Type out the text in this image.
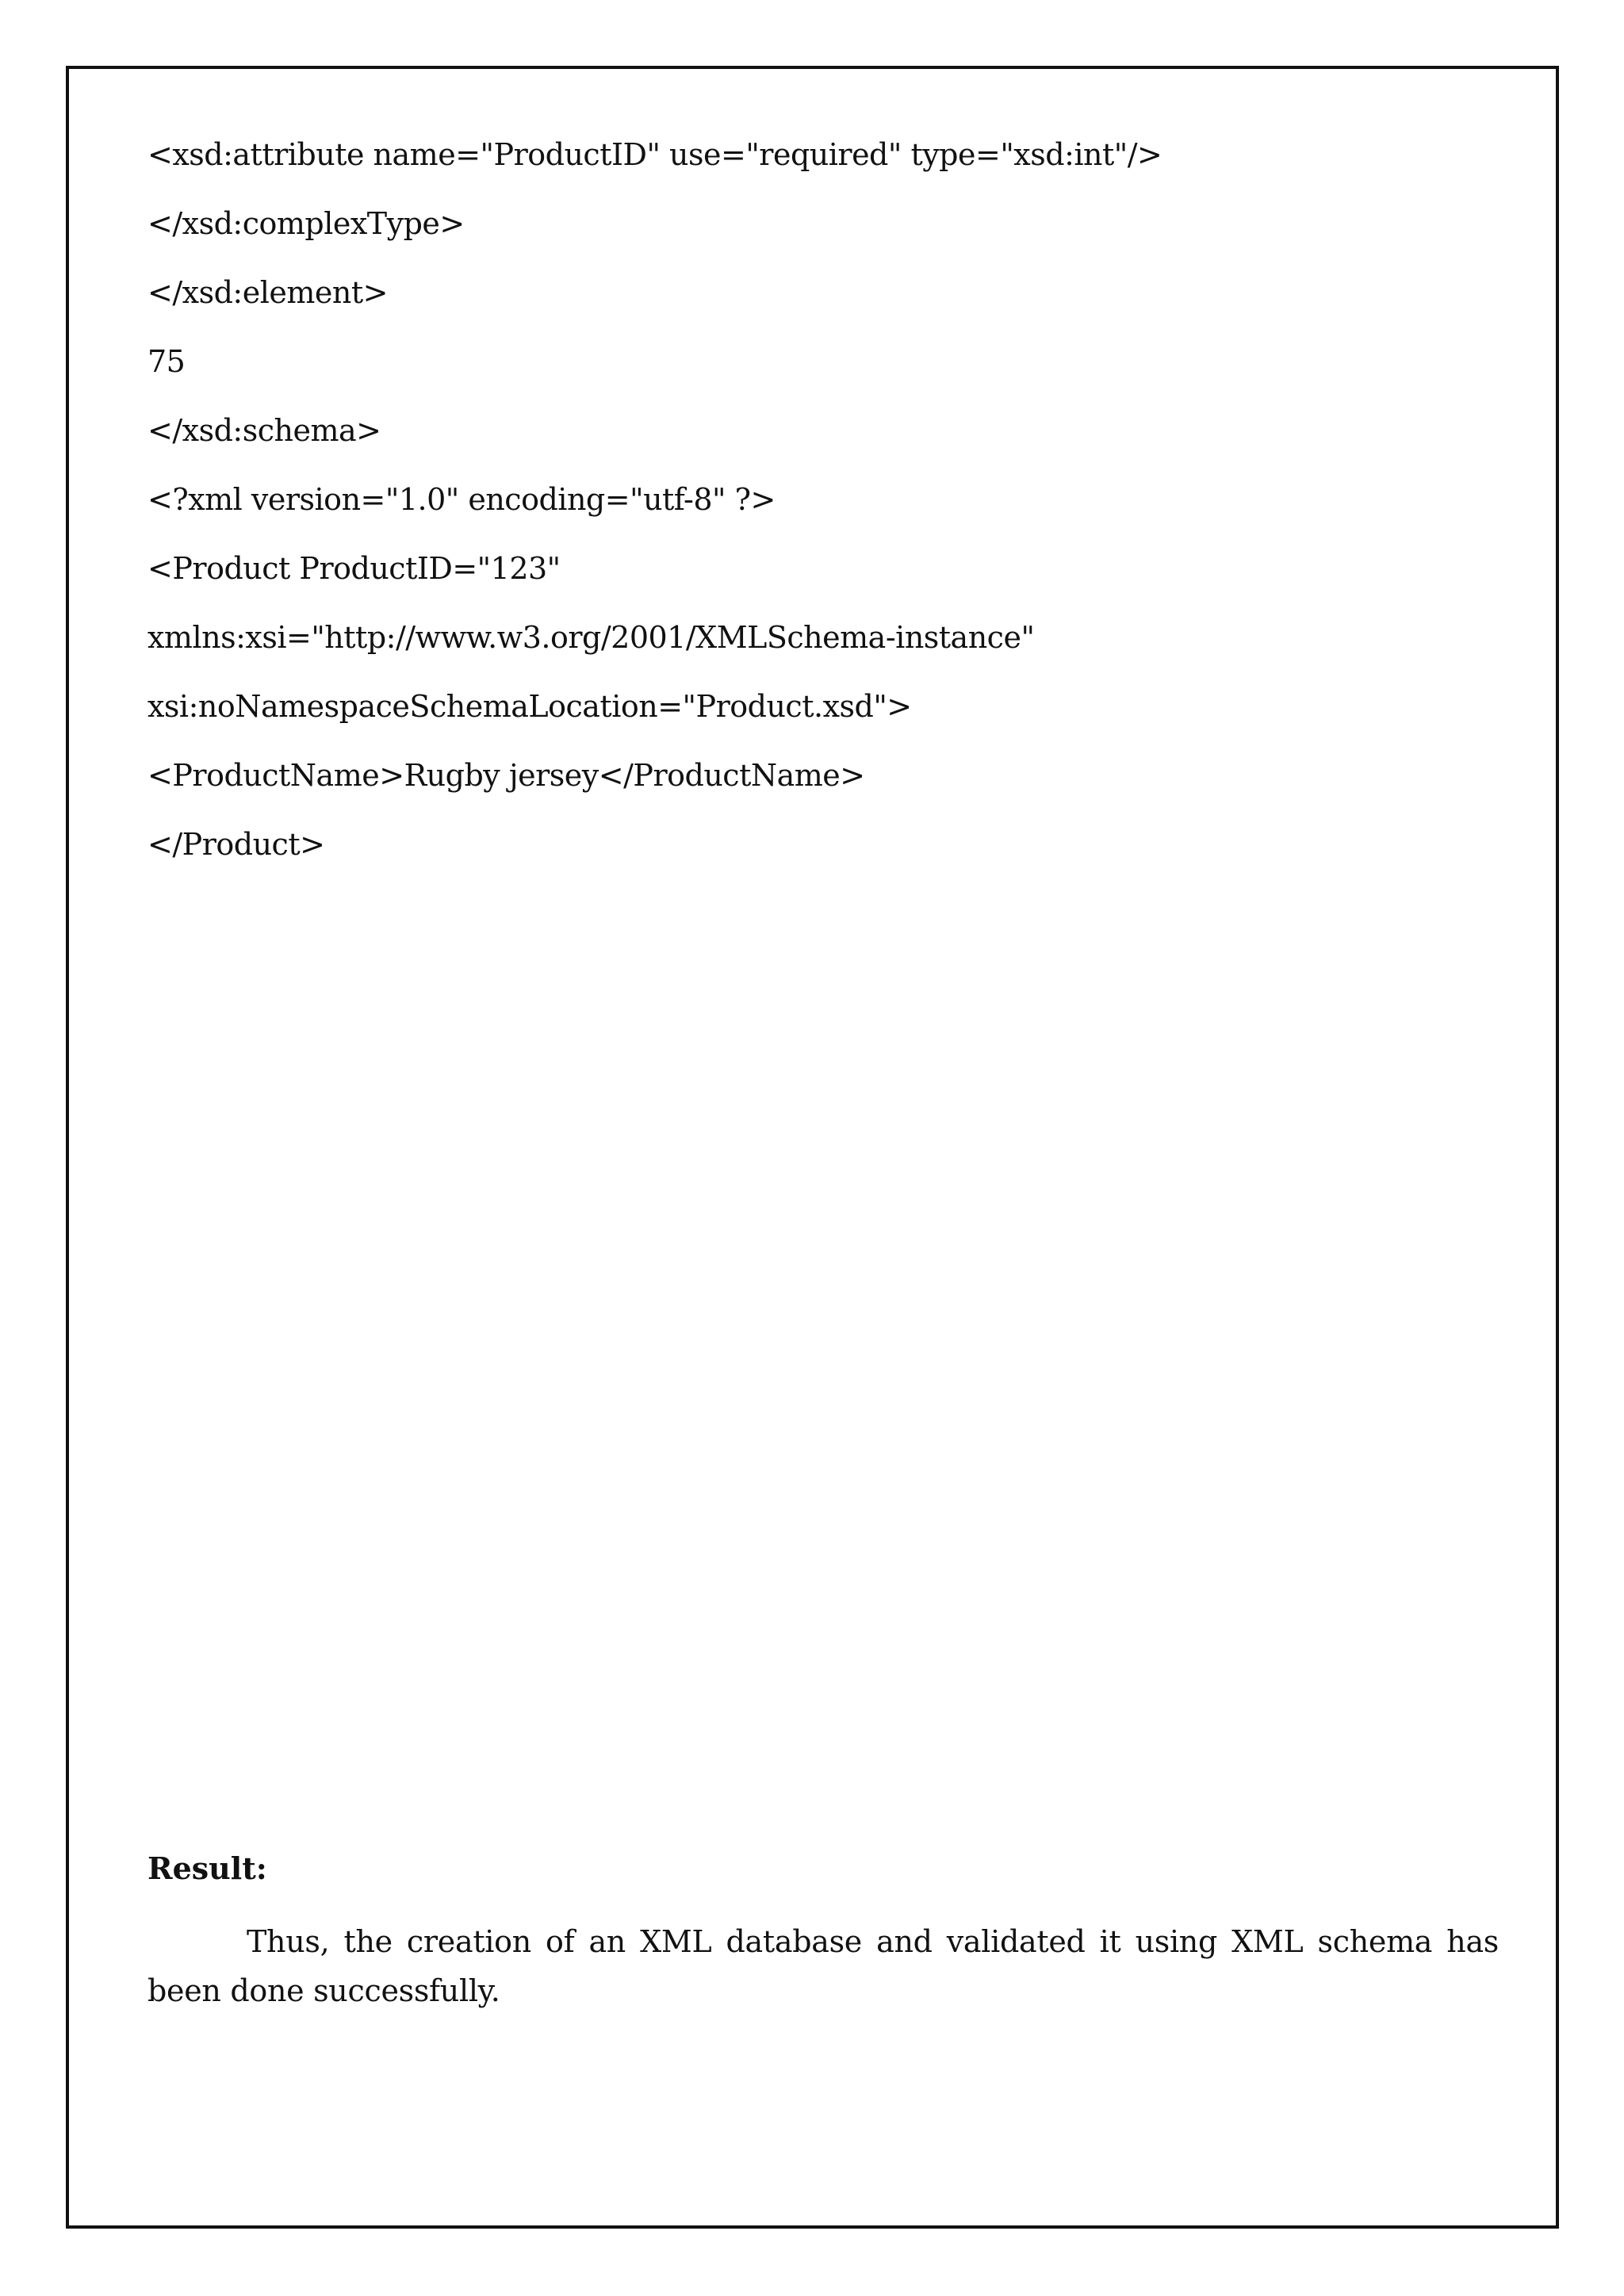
<xsd:attribute name="ProductID" use="required" type="xsd:int"/>
</xsd:complexType>
</xsd:element>
75
</xsd:schema>
<?xml version="1.0" encoding="utf-8" ?>
<Product ProductID="123"
xmlns:xsi="http://www.w3.org/2001/XMLSchema-instance"
xsi:noNamespaceSchemaLocation="Product.xsd">
<ProductName>Rugby jersey</ProductName>
</Product>
Result:
Thus, the creation of an XML database and validated it using XML schema has been done successfully.
